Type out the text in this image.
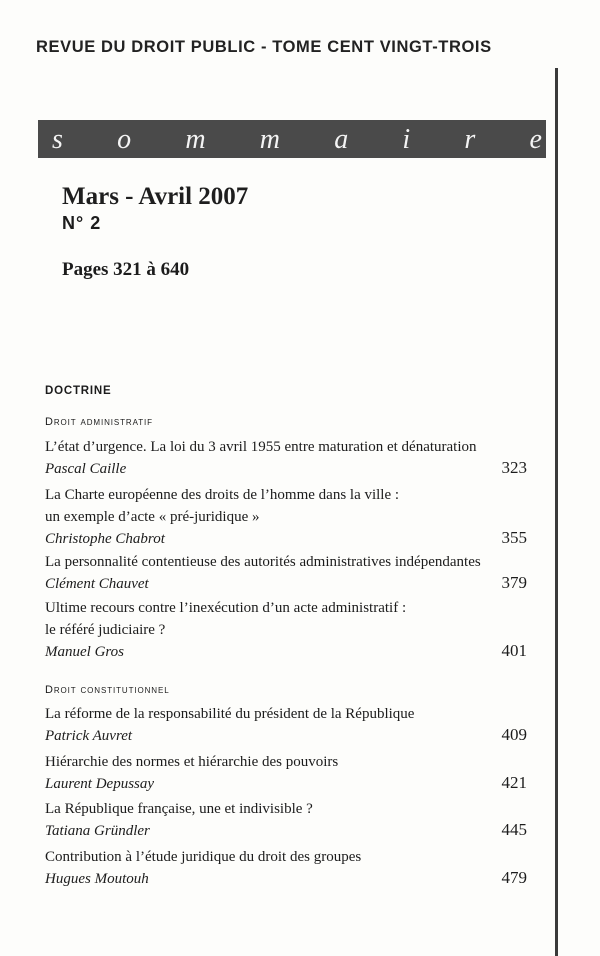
REVUE DU DROIT PUBLIC - TOME CENT VINGT-TROIS
s o m m a i r e
Mars - Avril 2007
N° 2
Pages 321 à 640
DOCTRINE
Droit administratif
L’état d’urgence. La loi du 3 avril 1955 entre maturation et dénaturation
Pascal Caille	323
La Charte européenne des droits de l’homme dans la ville :
un exemple d’acte « pré-juridique »
Christophe Chabrot	355
La personnalité contentieuse des autorités administratives indépendantes
Clément Chauvet	379
Ultime recours contre l’inexécution d’un acte administratif :
le référé judiciaire ?
Manuel Gros	401
Droit constitutionnel
La réforme de la responsabilité du président de la République
Patrick Auvret	409
Hiérarchie des normes et hiérarchie des pouvoirs
Laurent Depussay	421
La République française, une et indivisible ?
Tatiana Gründler	445
Contribution à l’étude juridique du droit des groupes
Hugues Moutouh	479
